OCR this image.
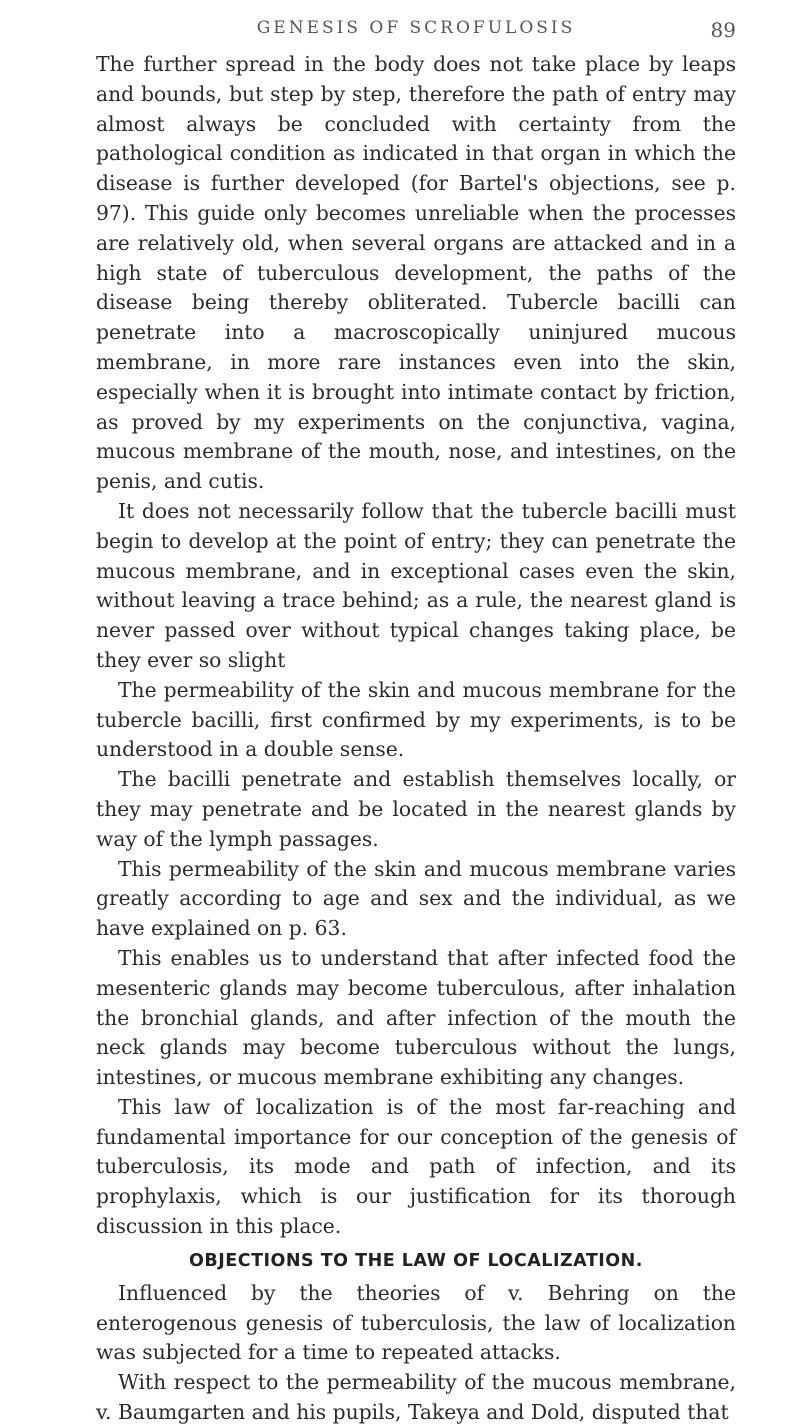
GENESIS OF SCROFULOSIS	89

The further spread in the body does not take place by leaps and bounds, but step by step, therefore the path of entry may almost always be concluded with certainty from the pathological condition as indicated in that organ in which the disease is further developed (for Bartel's objections, see p. 97). This guide only becomes unreliable when the processes are relatively old, when several organs are attacked and in a high state of tuberculous development, the paths of the disease being thereby obliterated. Tubercle bacilli can penetrate into a macroscopically uninjured mucous membrane, in more rare instances even into the skin, especially when it is brought into intimate contact by friction, as proved by my experiments on the conjunctiva, vagina, mucous membrane of the mouth, nose, and intestines, on the penis, and cutis.

It does not necessarily follow that the tubercle bacilli must begin to develop at the point of entry; they can penetrate the mucous membrane, and in exceptional cases even the skin, without leaving a trace behind; as a rule, the nearest gland is never passed over without typical changes taking place, be they ever so slight

The permeability of the skin and mucous membrane for the tubercle bacilli, first confirmed by my experiments, is to be understood in a double sense.

The bacilli penetrate and establish themselves locally, or they may penetrate and be located in the nearest glands by way of the lymph passages.

This permeability of the skin and mucous membrane varies greatly according to age and sex and the individual, as we have explained on p. 63.

This enables us to understand that after infected food the mesenteric glands may become tuberculous, after inhalation the bronchial glands, and after infection of the mouth the neck glands may become tuberculous without the lungs, intestines, or mucous membrane exhibiting any changes.

This law of localization is of the most far-reaching and fundamental importance for our conception of the genesis of tuberculosis, its mode and path of infection, and its prophylaxis, which is our justification for its thorough discussion in this place.

OBJECTIONS TO THE LAW OF LOCALIZATION.

Influenced by the theories of v. Behring on the enterogenous genesis of tuberculosis, the law of localization was subjected for a time to repeated attacks.

With respect to the permeability of the mucous membrane, v. Baumgarten and his pupils, Takeya and Dold, disputed that
